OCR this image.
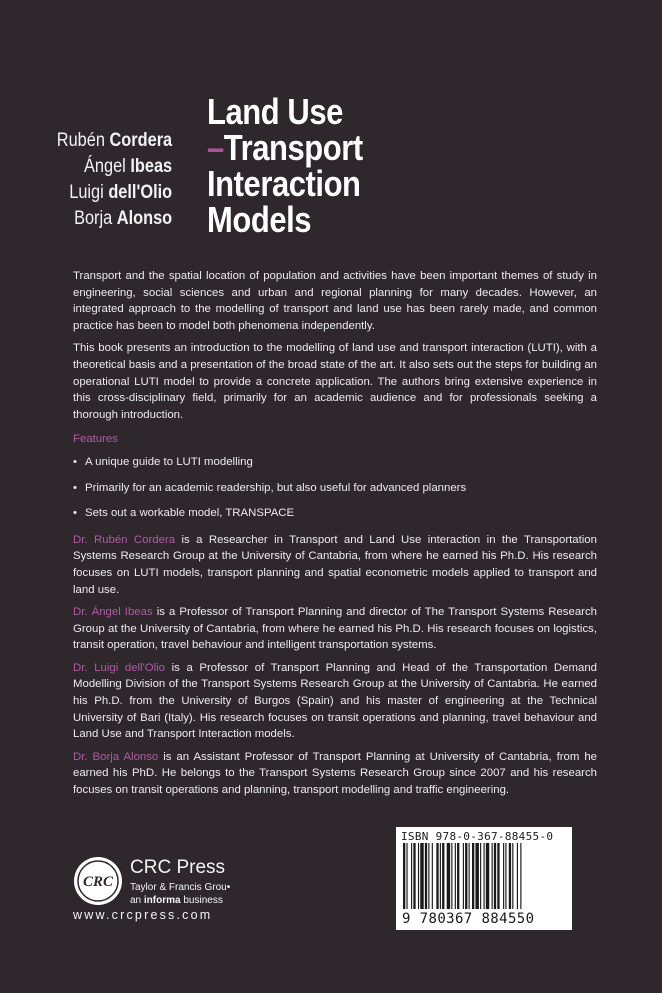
Rubén Cordera
Ángel Ibeas
Luigi dell'Olio
Borja Alonso
Land Use
–Transport
Interaction
Models

Transport and the spatial location of population and activities have been important themes of study in engineering, social sciences and urban and regional planning for many decades. However, an integrated approach to the modelling of transport and land use has been rarely made, and common practice has been to model both phenomena independently.

This book presents an introduction to the modelling of land use and transport interaction (LUTI), with a theoretical basis and a presentation of the broad state of the art. It also sets out the steps for building an operational LUTI model to provide a concrete application. The authors bring extensive experience in this cross-disciplinary field, primarily for an academic audience and for professionals seeking a thorough introduction.

Features
• A unique guide to LUTI modelling
• Primarily for an academic readership, but also useful for advanced planners
• Sets out a workable model, TRANSPACE

Dr. Rubén Cordera is a Researcher in Transport and Land Use interaction in the Transportation Systems Research Group at the University of Cantabria, from where he earned his Ph.D. His research focuses on LUTI models, transport planning and spatial econometric models applied to transport and land use.

Dr. Ángel Ibeas is a Professor of Transport Planning and director of The Transport Systems Research Group at the University of Cantabria, from where he earned his Ph.D. His research focuses on logistics, transit operation, travel behaviour and intelligent transportation systems.

Dr. Luigi dell'Olio is a Professor of Transport Planning and Head of the Transportation Demand Modelling Division of the Transport Systems Research Group at the University of Cantabria. He earned his Ph.D. from the University of Burgos (Spain) and his master of engineering at the Technical University of Bari (Italy). His research focuses on transit operations and planning, travel behaviour and Land Use and Transport Interaction models.

Dr. Borja Alonso is an Assistant Professor of Transport Planning at University of Cantabria, from he earned his PhD. He belongs to the Transport Systems Research Group since 2007 and his research focuses on transit operations and planning, transport modelling and traffic engineering.

CRC
CRC Press
Taylor & Francis Grou•
an informa business
www.crcpress.com
ISBN 978-0-367-88455-0
9 780367 884550
